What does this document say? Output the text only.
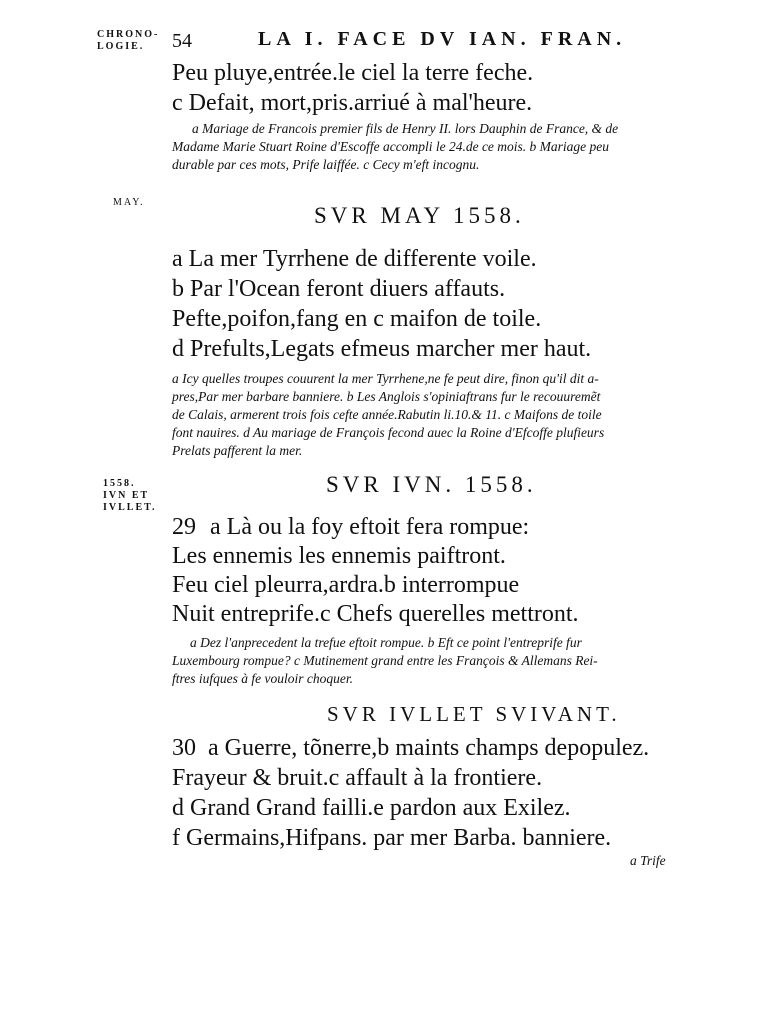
CHRONO-
LOGIE.	54	LA I. FACE DV IAN. FRAN.
Peu pluye,entrée.le ciel la terre feche.
c Defait, mort,pris.arriué à mal'heure.
a Mariage de Francois premier fils de Henry II. lors Dauphin de France, & de
Madame Marie Stuart Roine d'Escoffe accompli le 24.de ce mois. b Mariage peu
durable par ces mots, Prife laiffée. c Cecy m'eft incognu.
MAY.
SVR MAY 1558.
a La mer Tyrrhene de differente voile.
b Par l'Ocean feront diuers affauts.
Pefte,poifon,fang en c maifon de toile.
d Prefults,Legats efmeus marcher mer haut.
a Icy quelles troupes couurent la mer Tyrrhene,ne fe peut dire, finon qu'il dit a-
pres,Par mer barbare banniere. b Les Anglois s'opiniaftrans fur le recouuremẽt
de Calais, armerent trois fois cefte année.Rabutin li.10.& 11. c Maifons de toile
font nauires. d Au mariage de François fecond auec la Roine d'Efcoffe plufieurs
Prelats pafferent la mer.
1558.
IVN ET
IVLLET.
SVR IVN. 1558.
29 a Là ou la foy eftoit fera rompue:
Les ennemis les ennemis paiftront.
Feu ciel pleurra,ardra.b interrompue
Nuit entreprife.c Chefs querelles mettront.
a Dez l'anprecedent la trefue eftoit rompue. b Eft ce point l'entreprife fur
Luxembourg rompue? c Mutinement grand entre les François & Allemans Rei-
ftres iufques à fe vouloir choquer.
SVR IVLLET SVIVANT.
30 a Guerre, tõnerre,b maints champs depopulez.
Frayeur & bruit.c affault à la frontiere.
d Grand Grand failli.e pardon aux Exilez.
f Germains,Hifpans. par mer Barba. banniere.
a Trife
